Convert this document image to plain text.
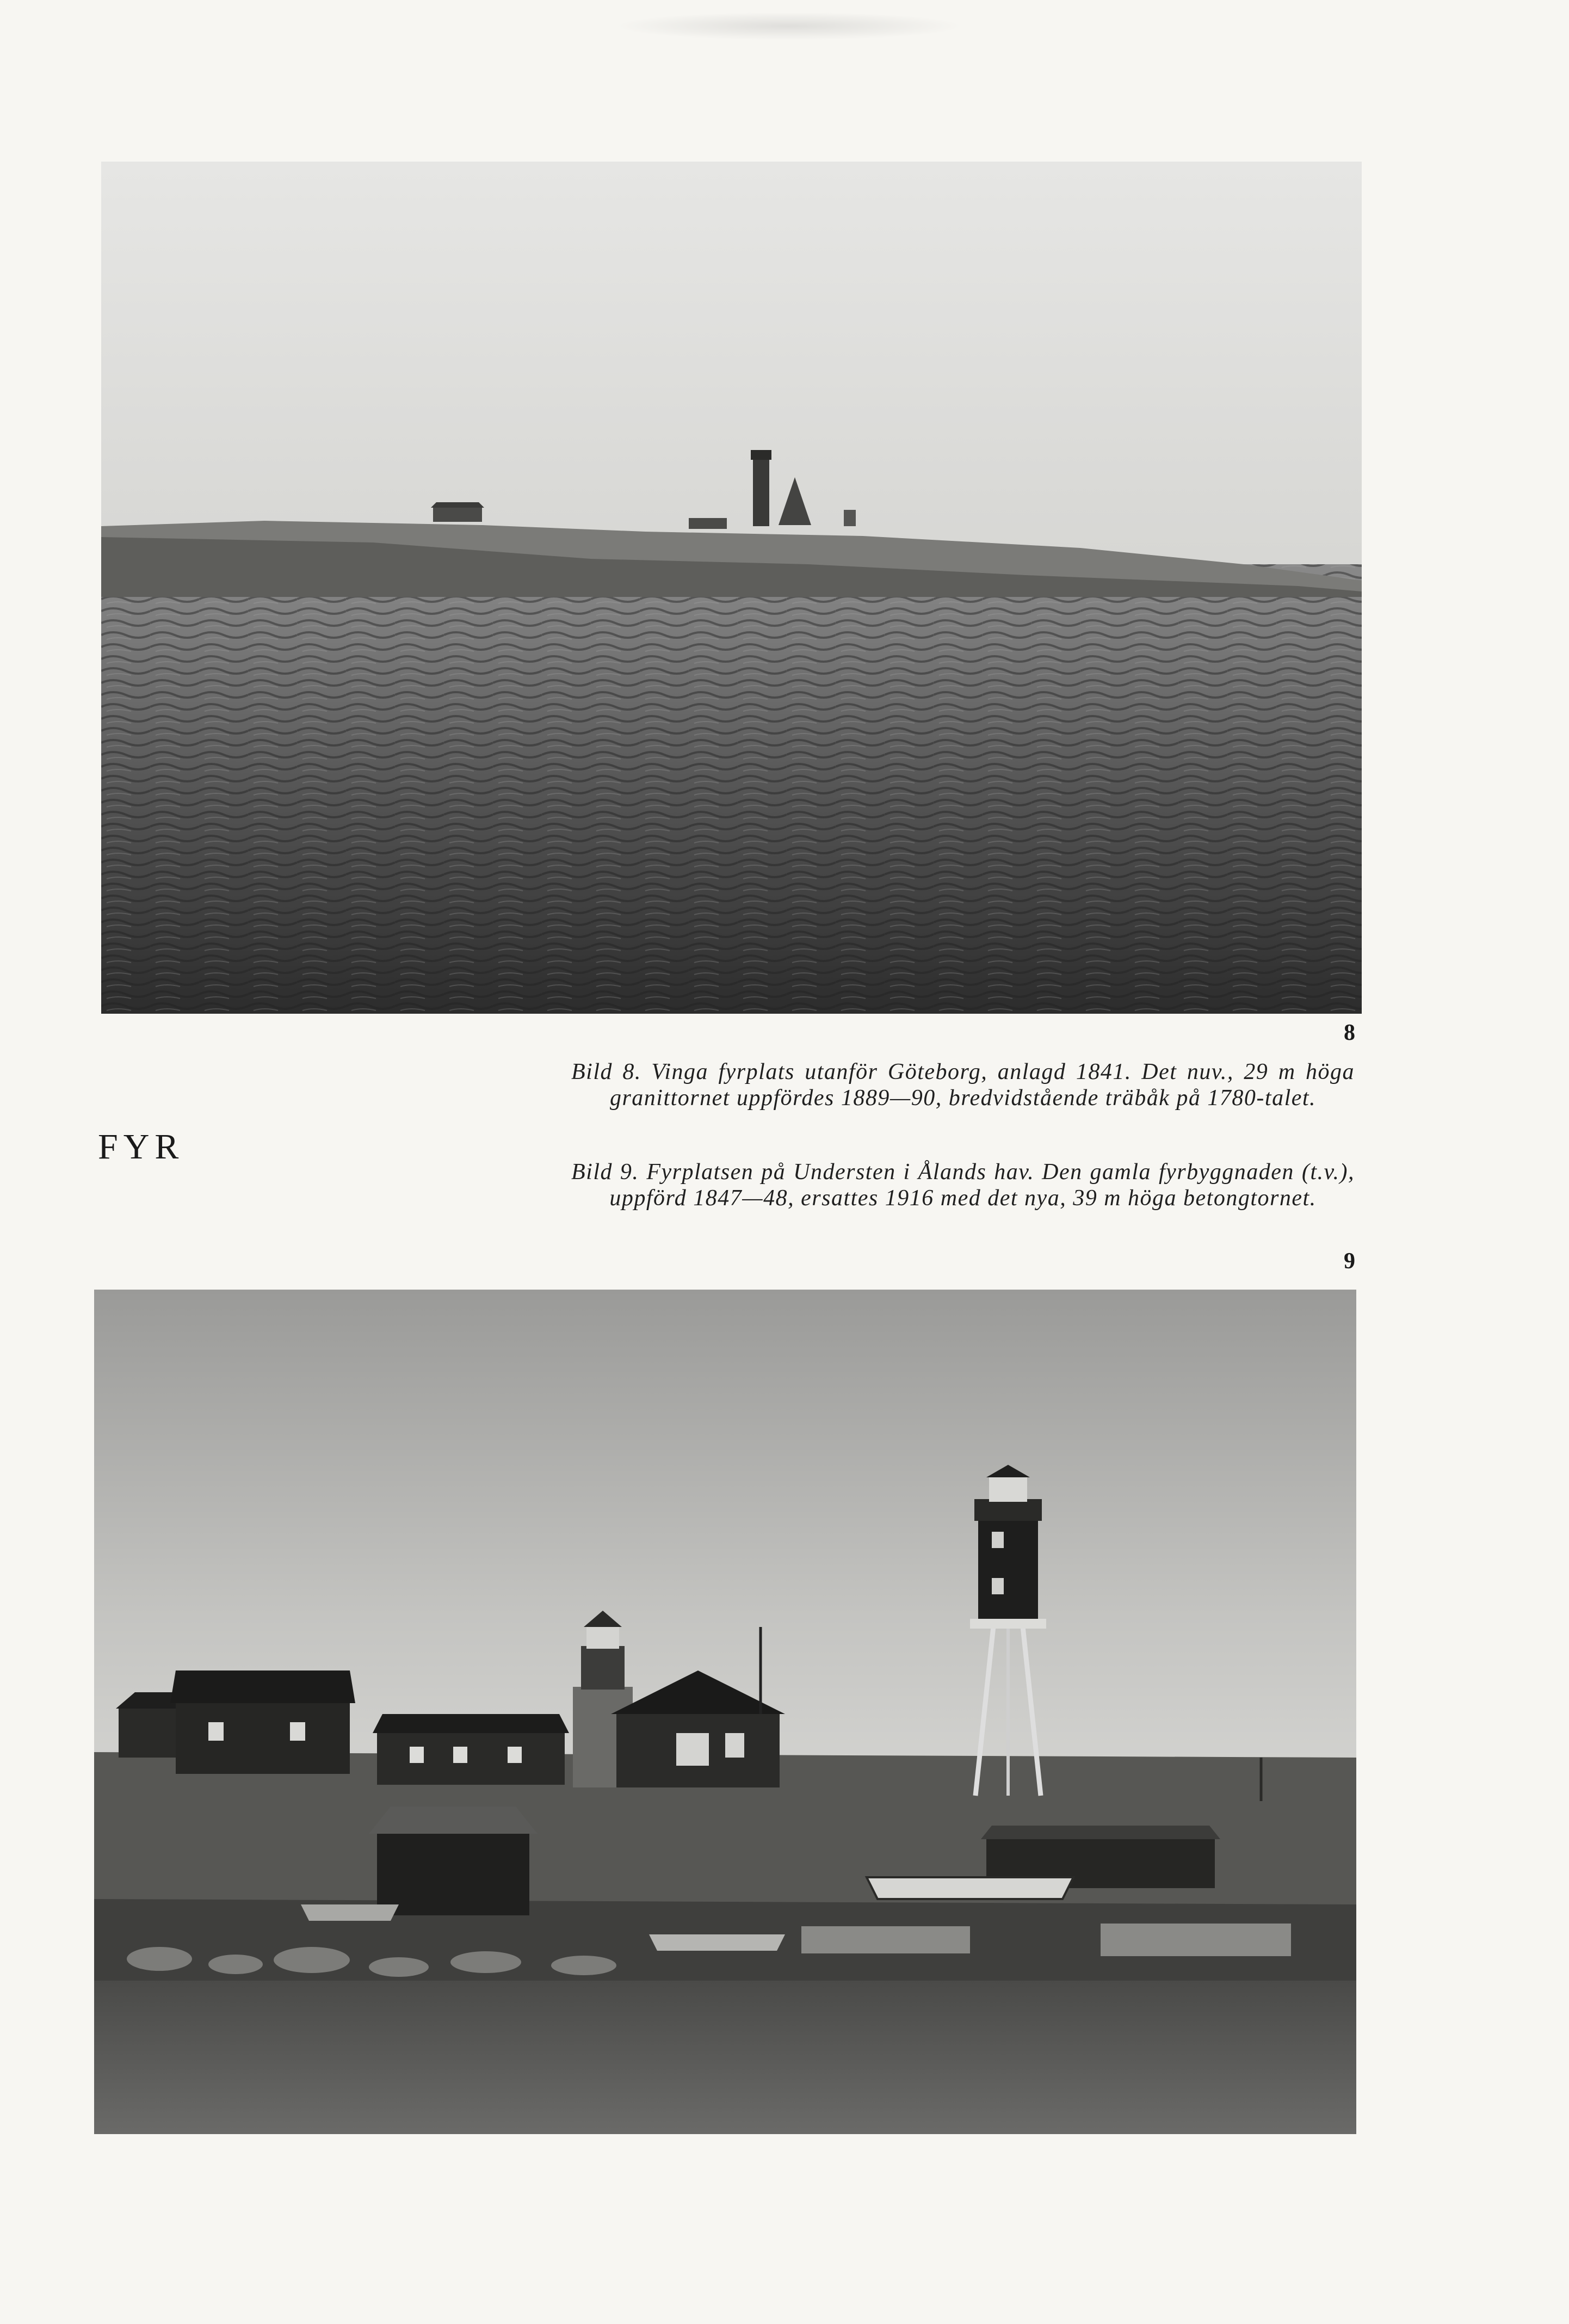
8
FYR

Bild 8. Vinga fyrplats utanför Göteborg, anlagd 1841. Det nuv., 29 m höga granittornet uppfördes 1889—90, bredvidstående träbåk på 1780-talet.

Bild 9. Fyrplatsen på Understen i Ålands hav. Den gamla fyrbyggnaden (t.v.), uppförd 1847—48, ersattes 1916 med det nya, 39 m höga betongtornet.

9
